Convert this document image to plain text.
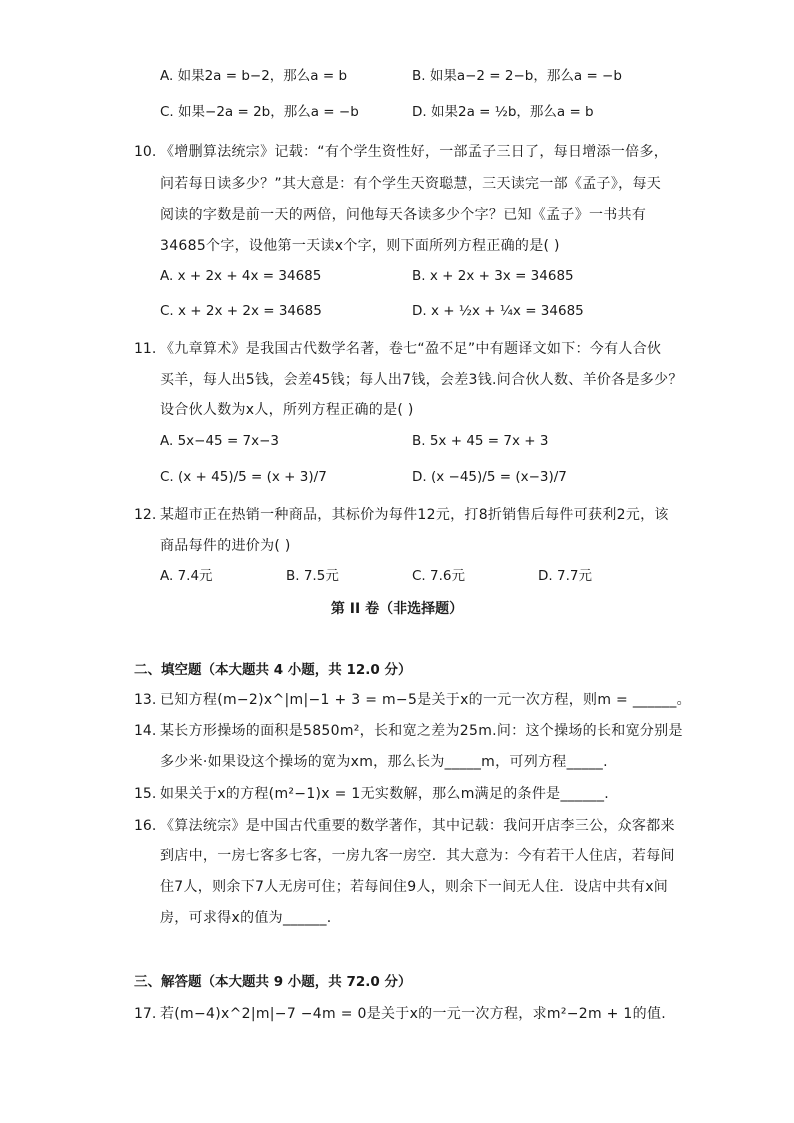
A. 如果2a = b−2，那么a = b	B. 如果a−2 = 2−b，那么a = −b
C. 如果−2a = 2b，那么a = −b	D. 如果2a = ½b，那么a = b
10. 《增删算法统宗》记载：“有个学生资性好，一部孟子三日了，每日增添一倍多，
问若每日读多少？”其大意是：有个学生天资聪慧，三天读完一部《孟子》，每天
阅读的字数是前一天的两倍，问他每天各读多少个字？已知《孟子》一书共有
34685个字，设他第一天读x个字，则下面所列方程正确的是( )
A. x + 2x + 4x = 34685	B. x + 2x + 3x = 34685
C. x + 2x + 2x = 34685	D. x + ½x + ¼x = 34685
11. 《九章算术》是我国古代数学名著，卷七“盈不足”中有题译文如下：今有人合伙
买羊，每人出5钱，会差45钱；每人出7钱，会差3钱.问合伙人数、羊价各是多少？
设合伙人数为x人，所列方程正确的是( )
A. 5x−45 = 7x−3	B. 5x + 45 = 7x + 3
C. (x + 45)/5 = (x + 3)/7	D. (x −45)/5 = (x−3)/7
12. 某超市正在热销一种商品，其标价为每件12元，打8折销售后每件可获利2元，该
商品每件的进价为( )
A. 7.4元	B. 7.5元	C. 7.6元	D. 7.7元
第 II 卷（非选择题）
二、填空题（本大题共 4 小题，共 12.0 分）
13. 已知方程(m−2)x^|m|−1 + 3 = m−5是关于x的一元一次方程，则m = ______。
14. 某长方形操场的面积是5850m²，长和宽之差为25m.问：这个操场的长和宽分别是
多少米·如果设这个操场的宽为xm，那么长为_____m，可列方程_____.
15. 如果关于x的方程(m²−1)x = 1无实数解，那么m满足的条件是______.
16. 《算法统宗》是中国古代重要的数学著作，其中记载：我问开店李三公，众客都来
到店中，一房七客多七客，一房九客一房空．其大意为：今有若干人住店，若每间
住7人，则余下7人无房可住；若每间住9人，则余下一间无人住．设店中共有x间
房，可求得x的值为______.
三、解答题（本大题共 9 小题，共 72.0 分）
17. 若(m−4)x^2|m|−7 −4m = 0是关于x的一元一次方程，求m²−2m + 1的值.
